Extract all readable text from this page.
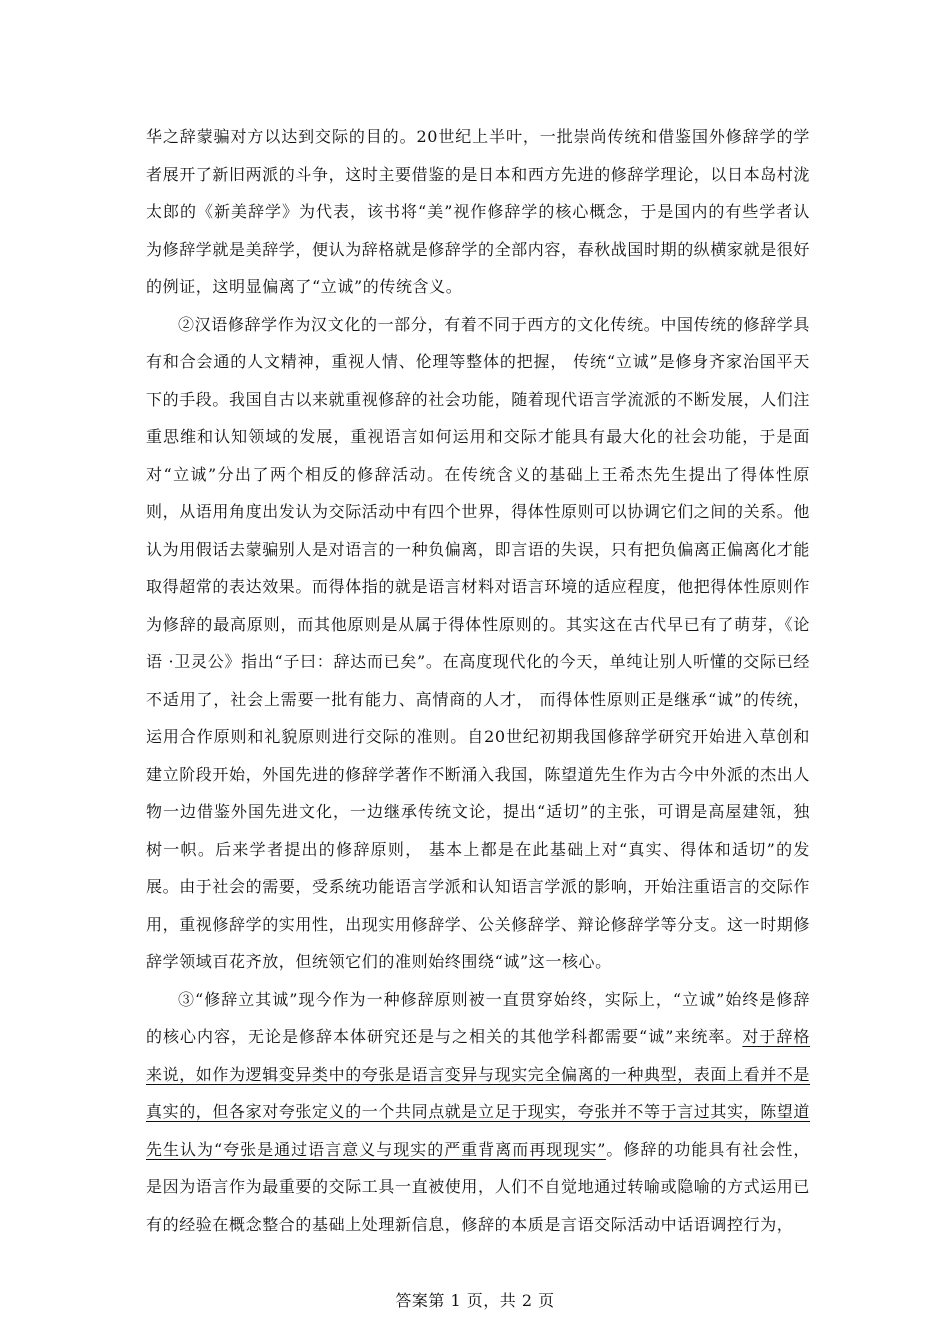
华之辞蒙骗对方以达到交际的目的。20世纪上半叶，一批崇尚传统和借鉴国外修辞学的学者展开了新旧两派的斗争，这时主要借鉴的是日本和西方先进的修辞学理论，以日本岛村泷太郎的《新美辞学》为代表，该书将“美”视作修辞学的核心概念，于是国内的有些学者认为修辞学就是美辞学，便认为辞格就是修辞学的全部内容，春秋战国时期的纵横家就是很好的例证，这明显偏离了“立诚”的传统含义。

②汉语修辞学作为汉文化的一部分，有着不同于西方的文化传统。中国传统的修辞学具有和合会通的人文精神，重视人情、伦理等整体的把握， 传统“立诚”是修身齐家治国平天下的手段。我国自古以来就重视修辞的社会功能，随着现代语言学流派的不断发展，人们注重思维和认知领域的发展，重视语言如何运用和交际才能具有最大化的社会功能，于是面对“立诚”分出了两个相反的修辞活动。在传统含义的基础上王希杰先生提出了得体性原则，从语用角度出发认为交际活动中有四个世界，得体性原则可以协调它们之间的关系。他认为用假话去蒙骗别人是对语言的一种负偏离，即言语的失误，只有把负偏离正偏离化才能取得超常的表达效果。而得体指的就是语言材料对语言环境的适应程度，他把得体性原则作为修辞的最高原则，而其他原则是从属于得体性原则的。其实这在古代早已有了萌芽，《论语 ·卫灵公》指出“子曰：辞达而已矣”。在高度现代化的今天，单纯让别人听懂的交际已经不适用了，社会上需要一批有能力、高情商的人才， 而得体性原则正是继承“诚”的传统，运用合作原则和礼貌原则进行交际的准则。自20世纪初期我国修辞学研究开始进入草创和建立阶段开始，外国先进的修辞学著作不断涌入我国，陈望道先生作为古今中外派的杰出人物一边借鉴外国先进文化，一边继承传统文论，提出“适切”的主张，可谓是高屋建瓴，独树一帜。后来学者提出的修辞原则， 基本上都是在此基础上对“真实、得体和适切”的发展。由于社会的需要，受系统功能语言学派和认知语言学派的影响，开始注重语言的交际作用，重视修辞学的实用性，出现实用修辞学、公关修辞学、辩论修辞学等分支。这一时期修辞学领域百花齐放，但统领它们的准则始终围绕“诚”这一核心。

③“修辞立其诚”现今作为一种修辞原则被一直贯穿始终，实际上，“立诚”始终是修辞的核心内容，无论是修辞本体研究还是与之相关的其他学科都需要“诚”来统率。对于辞格来说，如作为逻辑变异类中的夸张是语言变异与现实完全偏离的一种典型，表面上看并不是真实的，但各家对夸张定义的一个共同点就是立足于现实，夸张并不等于言过其实，陈望道先生认为“夸张是通过语言意义与现实的严重背离而再现现实”。修辞的功能具有社会性，是因为语言作为最重要的交际工具一直被使用，人们不自觉地通过转喻或隐喻的方式运用已有的经验在概念整合的基础上处理新信息，修辞的本质是言语交际活动中话语调控行为，

答案第 1 页，共 2 页
